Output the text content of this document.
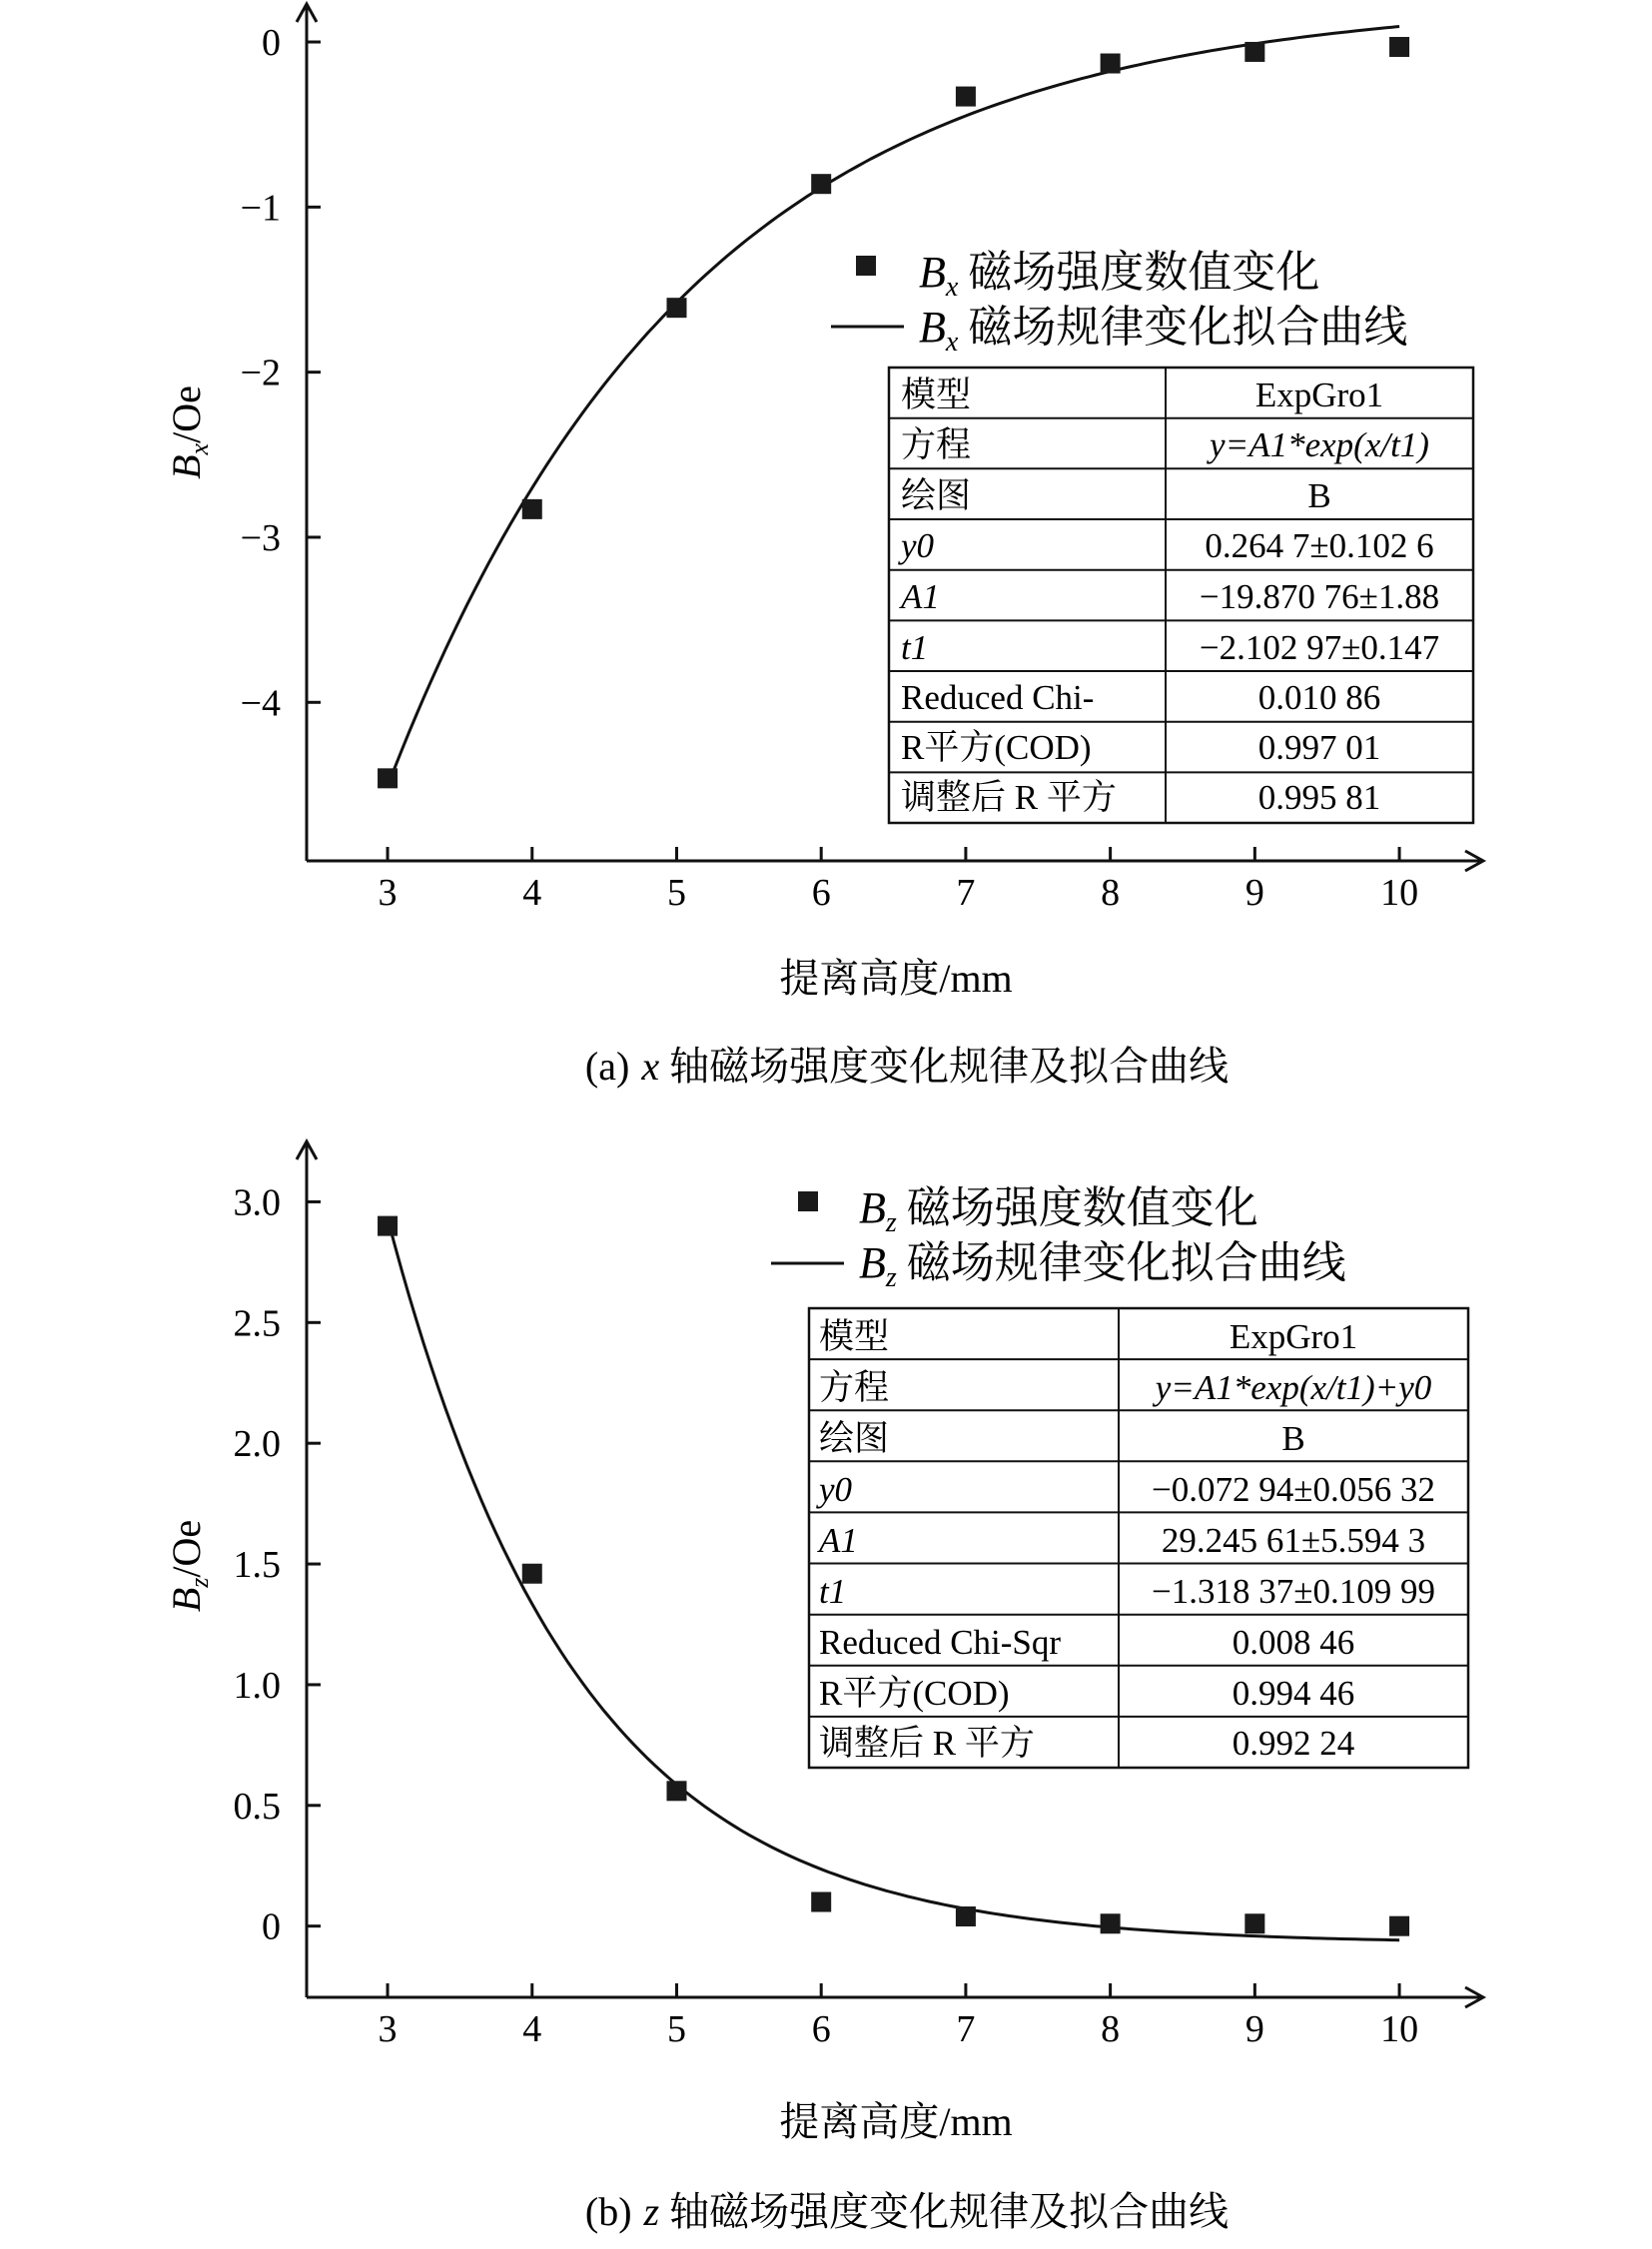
0
−1
−2
−3
−4
3	4	5	6	7	8	9	10
提离高度/mm
$B_x/Oe$
$B_x$ 磁场强度数值变化
$B_x$ 磁场规律变化拟合曲线
模型	ExpGro1
方程	y=A1*exp(x/t1)
绘图	B
y0	0.264 7±0.102 6
A1	−19.870 76±1.88
t1	−2.102 97±0.147
Reduced Chi-	0.010 86
R平方(COD)	0.997 01
调整后 R 平方	0.995 81
(a) x 轴磁场强度变化规律及拟合曲线
0
0.5
1.0
1.5
2.0
2.5
3.0
3	4	5	6	7	8	9	10
提离高度/mm
$B_z/Oe$
$B_z$ 磁场强度数值变化
$B_z$ 磁场规律变化拟合曲线
模型	ExpGro1
方程	y=A1*exp(x/t1)+y0
绘图	B
y0	−0.072 94±0.056 32
A1	29.245 61±5.594 3
t1	−1.318 37±0.109 99
Reduced Chi-Sqr	0.008 46
R平方(COD)	0.994 46
调整后 R 平方	0.992 24
(b) z 轴磁场强度变化规律及拟合曲线
